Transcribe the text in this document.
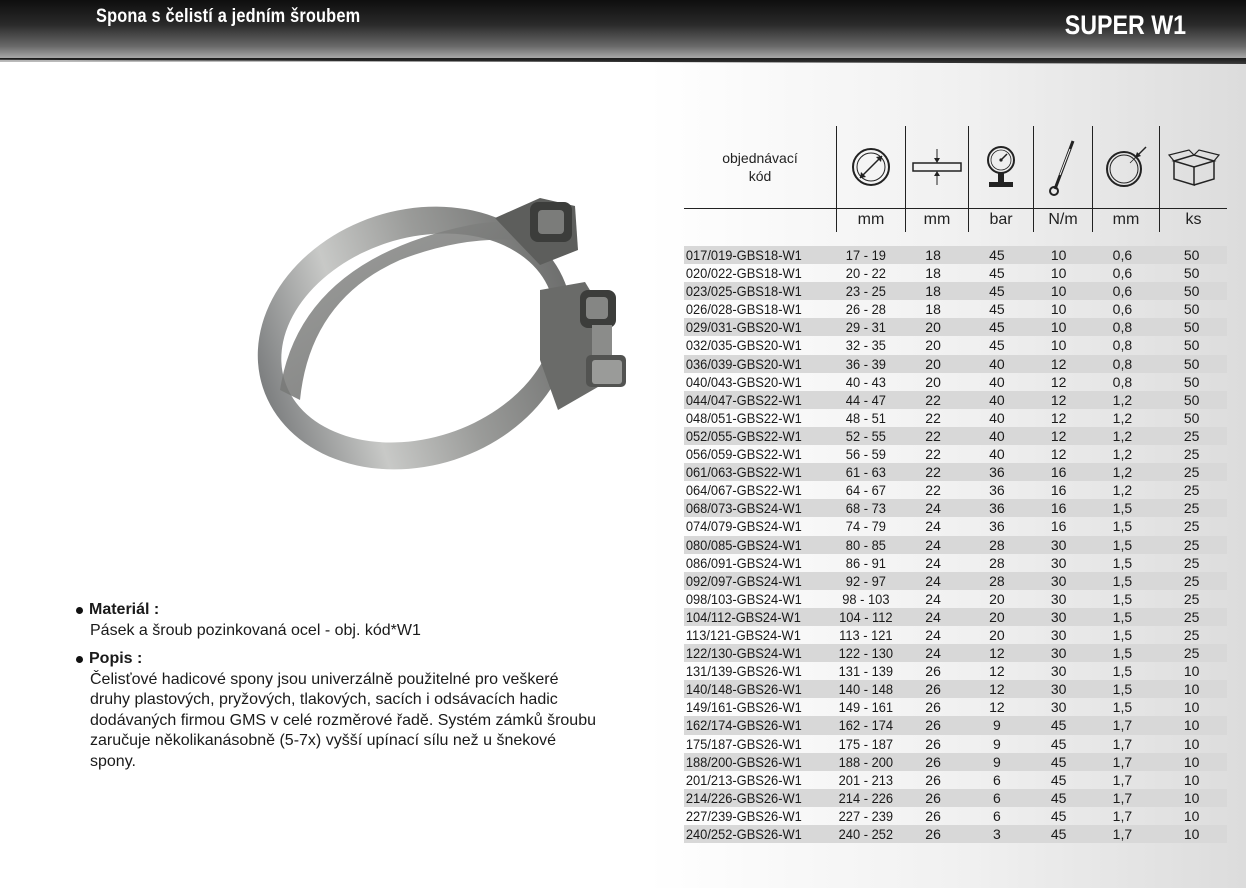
Spona s čelistí a jedním šroubem	SUPER W1
Materiál :
Pásek a šroub pozinkovaná ocel - obj. kód*W1
Popis :
Čelisťové hadicové spony jsou univerzálně použitelné pro veškeré
druhy plastových, pryžových, tlakových, sacích i odsávacích hadic
dodávaných firmou GMS v celé rozměrové řadě. Systém zámků šroubu
zaručuje několikanásobně (5-7x) vyšší upínací sílu než u šnekové
spony.
objednávací
kód
mm	mm	bar	N/m	mm	ks
017/019-GBS18-W1	17 - 19	18	45	10	0,6	50
020/022-GBS18-W1	20 - 22	18	45	10	0,6	50
023/025-GBS18-W1	23 - 25	18	45	10	0,6	50
026/028-GBS18-W1	26 - 28	18	45	10	0,6	50
029/031-GBS20-W1	29 - 31	20	45	10	0,8	50
032/035-GBS20-W1	32 - 35	20	45	10	0,8	50
036/039-GBS20-W1	36 - 39	20	40	12	0,8	50
040/043-GBS20-W1	40 - 43	20	40	12	0,8	50
044/047-GBS22-W1	44 - 47	22	40	12	1,2	50
048/051-GBS22-W1	48 - 51	22	40	12	1,2	50
052/055-GBS22-W1	52 - 55	22	40	12	1,2	25
056/059-GBS22-W1	56 - 59	22	40	12	1,2	25
061/063-GBS22-W1	61 - 63	22	36	16	1,2	25
064/067-GBS22-W1	64 - 67	22	36	16	1,2	25
068/073-GBS24-W1	68 - 73	24	36	16	1,5	25
074/079-GBS24-W1	74 - 79	24	36	16	1,5	25
080/085-GBS24-W1	80 - 85	24	28	30	1,5	25
086/091-GBS24-W1	86 - 91	24	28	30	1,5	25
092/097-GBS24-W1	92 - 97	24	28	30	1,5	25
098/103-GBS24-W1	98 - 103	24	20	30	1,5	25
104/112-GBS24-W1	104 - 112	24	20	30	1,5	25
113/121-GBS24-W1	113 - 121	24	20	30	1,5	25
122/130-GBS24-W1	122 - 130	24	12	30	1,5	25
131/139-GBS26-W1	131 - 139	26	12	30	1,5	10
140/148-GBS26-W1	140 - 148	26	12	30	1,5	10
149/161-GBS26-W1	149 - 161	26	12	30	1,5	10
162/174-GBS26-W1	162 - 174	26	9	45	1,7	10
175/187-GBS26-W1	175 - 187	26	9	45	1,7	10
188/200-GBS26-W1	188 - 200	26	9	45	1,7	10
201/213-GBS26-W1	201 - 213	26	6	45	1,7	10
214/226-GBS26-W1	214 - 226	26	6	45	1,7	10
227/239-GBS26-W1	227 - 239	26	6	45	1,7	10
240/252-GBS26-W1	240 - 252	26	3	45	1,7	10
